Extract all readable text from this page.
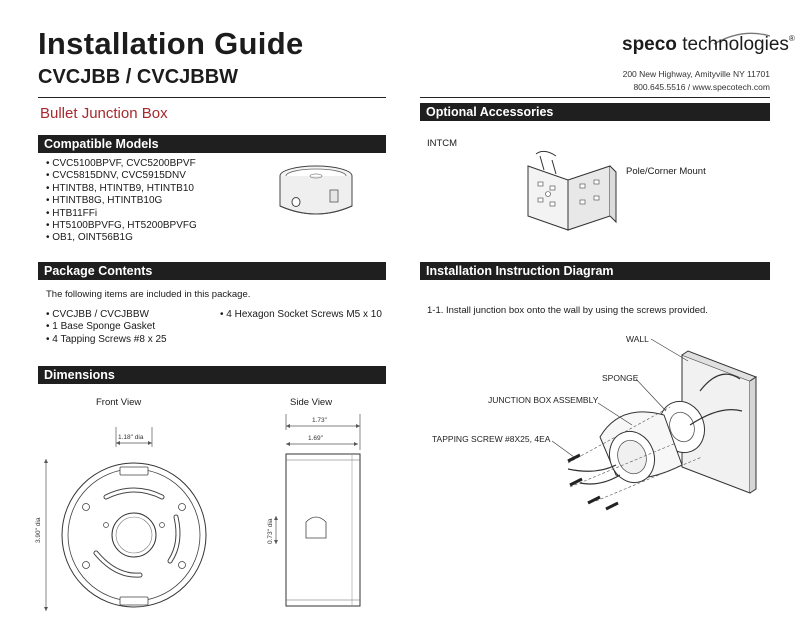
Installation Guide
CVCJBB / CVCJBBW
speco technologies®
200 New Highway, Amityville NY 11701
800.645.5516 / www.specotech.com
Bullet Junction Box
Compatible Models
• CVC5100BPVF, CVC5200BPVF
• CVC5815DNV, CVC5915DNV
• HTINTB8, HTINTB9, HTINTB10
• HTINTB8G, HTINTB10G
• HTB11FFi
• HT5100BPVFG, HT5200BPVFG
• OB1, OINT56B1G
Package Contents
The following items are included in this package.
• CVCJBB / CVCJBBW
• 1 Base Sponge Gasket
• 4 Tapping Screws #8 x 25
• 4 Hexagon Socket Screws M5 x 10
Dimensions
Front View	Side View
1.18" dia
3.90" dia
1.73"
1.69"
0.73" dia
Optional Accessories
INTCM
Pole/Corner Mount
Installation Instruction Diagram
1-1. Install junction box onto the wall by using the screws provided.
WALL
SPONGE
JUNCTION BOX ASSEMBLY
TAPPING SCREW #8X25, 4EA
